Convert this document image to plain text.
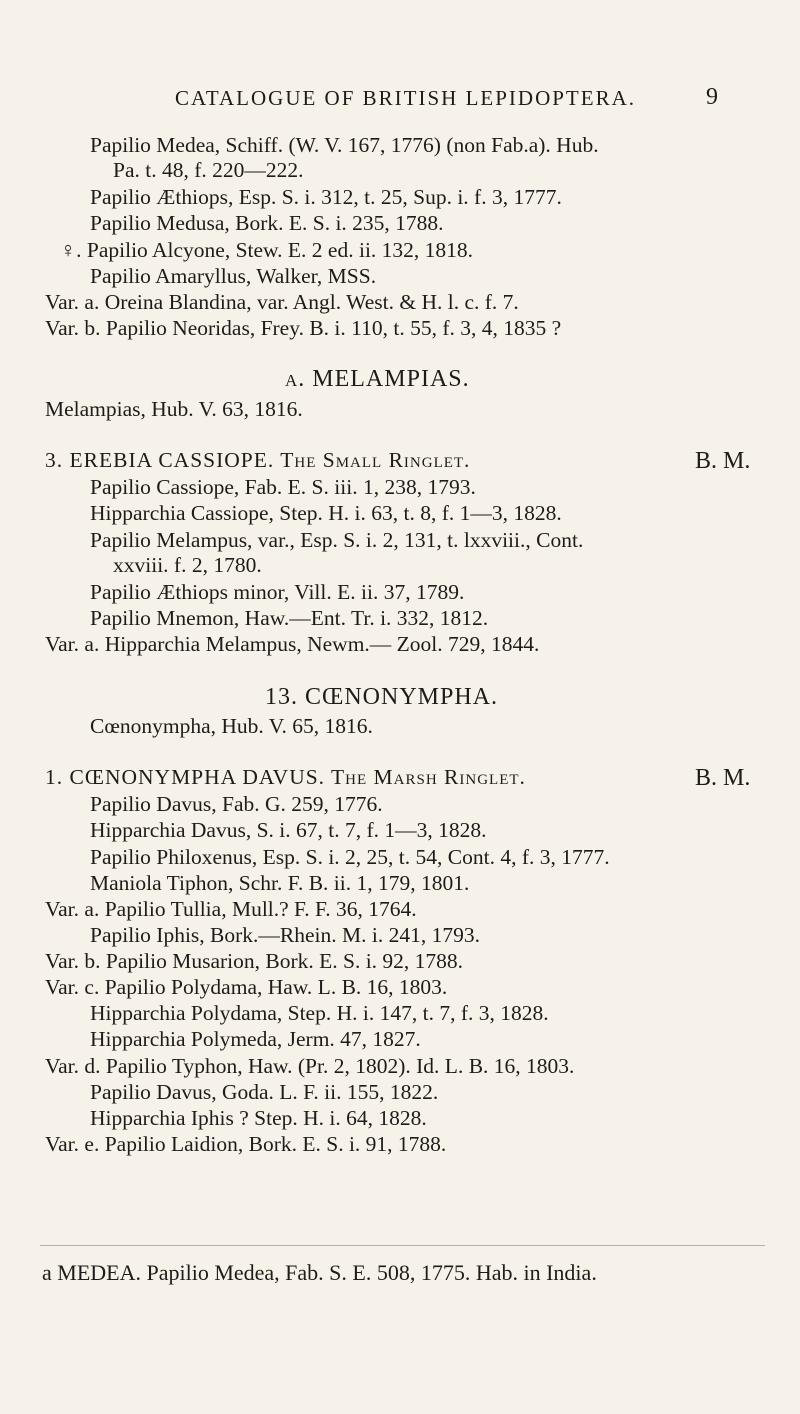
CATALOGUE OF BRITISH LEPIDOPTERA.	9
Papilio Medea, Schiff. (W. V. 167, 1776) (non Fab.a). Hub.
Pa. t. 48, f. 220—222.
Papilio Æthiops, Esp. S. i. 312, t. 25, Sup. i. f. 3, 1777.
Papilio Medusa, Bork. E. S. i. 235, 1788.
♀. Papilio Alcyone, Stew. E. 2 ed. ii. 132, 1818.
Papilio Amaryllus, Walker, MSS.
Var. a. Oreina Blandina, var. Angl. West. & H. l. c. f. 7.
Var. b. Papilio Neoridas, Frey. B. i. 110, t. 55, f. 3, 4, 1835 ?
a. MELAMPIAS.
Melampias, Hub. V. 63, 1816.
3. EREBIA CASSIOPE. The Small Ringlet.	B. M.
Papilio Cassiope, Fab. E. S. iii. 1, 238, 1793.
Hipparchia Cassiope, Step. H. i. 63, t. 8, f. 1—3, 1828.
Papilio Melampus, var., Esp. S. i. 2, 131, t. lxxviii., Cont.
xxviii. f. 2, 1780.
Papilio Æthiops minor, Vill. E. ii. 37, 1789.
Papilio Mnemon, Haw.—Ent. Tr. i. 332, 1812.
Var. a. Hipparchia Melampus, Newm.— Zool. 729, 1844.
13. CŒNONYMPHA.
Cœnonympha, Hub. V. 65, 1816.
1. CŒNONYMPHA DAVUS. The Marsh Ringlet.	B. M.
Papilio Davus, Fab. G. 259, 1776.
Hipparchia Davus, S. i. 67, t. 7, f. 1—3, 1828.
Papilio Philoxenus, Esp. S. i. 2, 25, t. 54, Cont. 4, f. 3, 1777.
Maniola Tiphon, Schr. F. B. ii. 1, 179, 1801.
Var. a. Papilio Tullia, Mull.? F. F. 36, 1764.
Papilio Iphis, Bork.—Rhein. M. i. 241, 1793.
Var. b. Papilio Musarion, Bork. E. S. i. 92, 1788.
Var. c. Papilio Polydama, Haw. L. B. 16, 1803.
Hipparchia Polydama, Step. H. i. 147, t. 7, f. 3, 1828.
Hipparchia Polymeda, Jerm. 47, 1827.
Var. d. Papilio Typhon, Haw. (Pr. 2, 1802). Id. L. B. 16, 1803.
Papilio Davus, Goda. L. F. ii. 155, 1822.
Hipparchia Iphis ? Step. H. i. 64, 1828.
Var. e. Papilio Laidion, Bork. E. S. i. 91, 1788.
a MEDEA. Papilio Medea, Fab. S. E. 508, 1775. Hab. in India.
